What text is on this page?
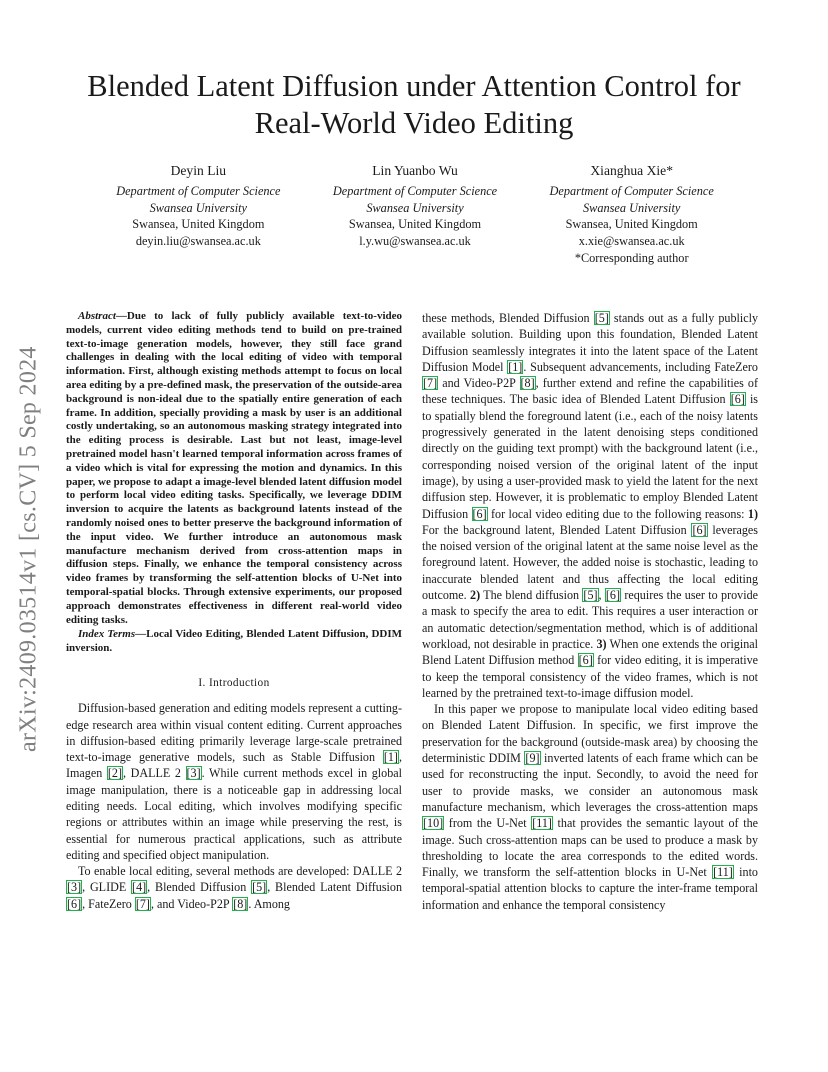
arXiv:2409.03514v1 [cs.CV] 5 Sep 2024
Blended Latent Diffusion under Attention Control for Real-World Video Editing
Deyin Liu
Department of Computer Science
Swansea University
Swansea, United Kingdom
deyin.liu@swansea.ac.uk
Lin Yuanbo Wu
Department of Computer Science
Swansea University
Swansea, United Kingdom
l.y.wu@swansea.ac.uk
Xianghua Xie*
Department of Computer Science
Swansea University
Swansea, United Kingdom
x.xie@swansea.ac.uk
*Corresponding author

Abstract—Due to lack of fully publicly available text-to-video models, current video editing methods tend to build on pre-trained text-to-image generation models, however, they still face grand challenges in dealing with the local editing of video with temporal information. First, although existing methods attempt to focus on local area editing by a pre-defined mask, the preservation of the outside-area background is non-ideal due to the spatially entire generation of each frame. In addition, specially providing a mask by user is an additional costly undertaking, so an autonomous masking strategy integrated into the editing process is desirable. Last but not least, image-level pretrained model hasn't learned temporal information across frames of a video which is vital for expressing the motion and dynamics. In this paper, we propose to adapt a image-level blended latent diffusion model to perform local video editing tasks. Specifically, we leverage DDIM inversion to acquire the latents as background latents instead of the randomly noised ones to better preserve the background information of the input video. We further introduce an autonomous mask manufacture mechanism derived from cross-attention maps in diffusion steps. Finally, we enhance the temporal consistency across video frames by transforming the self-attention blocks of U-Net into temporal-spatial blocks. Through extensive experiments, our proposed approach demonstrates effectiveness in different real-world video editing tasks.

Index Terms—Local Video Editing, Blended Latent Diffusion, DDIM inversion.

I. Introduction

Diffusion-based generation and editing models represent a cutting-edge research area within visual content editing. Current approaches in diffusion-based editing primarily leverage large-scale pretrained text-to-image generative models, such as Stable Diffusion [1], Imagen [2], DALLE 2 [3]. While current methods excel in global image manipulation, there is a noticeable gap in addressing local editing needs. Local editing, which involves modifying specific regions or attributes within an image while preserving the rest, is essential for numerous practical applications, such as attribute editing and specified object manipulation.

To enable local editing, several methods are developed: DALLE 2 [3], GLIDE [4], Blended Diffusion [5], Blended Latent Diffusion [6], FateZero [7], and Video-P2P [8]. Among

these methods, Blended Diffusion [5] stands out as a fully publicly available solution. Building upon this foundation, Blended Latent Diffusion seamlessly integrates it into the latent space of the Latent Diffusion Model [1]. Subsequent advancements, including FateZero [7] and Video-P2P [8], further extend and refine the capabilities of these techniques. The basic idea of Blended Latent Diffusion [6] is to spatially blend the foreground latent (i.e., each of the noisy latents progressively generated in the latent denoising steps conditioned directly on the guiding text prompt) with the background latent (i.e., corresponding noised version of the original latent of the input image), by using a user-provided mask to yield the latent for the next diffusion step. However, it is problematic to employ Blended Latent Diffusion [6] for local video editing due to the following reasons: 1) For the background latent, Blended Latent Diffusion [6] leverages the noised version of the original latent at the same noise level as the foreground latent. However, the added noise is stochastic, leading to inaccurate blended latent and thus affecting the local editing outcome. 2) The blend diffusion [5], [6] requires the user to provide a mask to specify the area to edit. This requires a user interaction or an automatic detection/segmentation method, which is of additional workload, not desirable in practice. 3) When one extends the original Blend Latent Diffusion method [6] for video editing, it is imperative to keep the temporal consistency of the video frames, which is not learned by the pretrained text-to-image diffusion model.

In this paper we propose to manipulate local video editing based on Blended Latent Diffusion. In specific, we first improve the preservation for the background (outside-mask area) by choosing the deterministic DDIM [9] inverted latents of each frame which can be used for reconstructing the input. Secondly, to avoid the need for user to provide masks, we consider an autonomous mask manufacture mechanism, which leverages the cross-attention maps [10] from the U-Net [11] that provides the semantic layout of the image. Such cross-attention maps can be used to produce a mask by thresholding to locate the area corresponds to the edited words. Finally, we transform the self-attention blocks in U-Net [11] into temporal-spatial attention blocks to capture the inter-frame temporal information and enhance the temporal consistency
